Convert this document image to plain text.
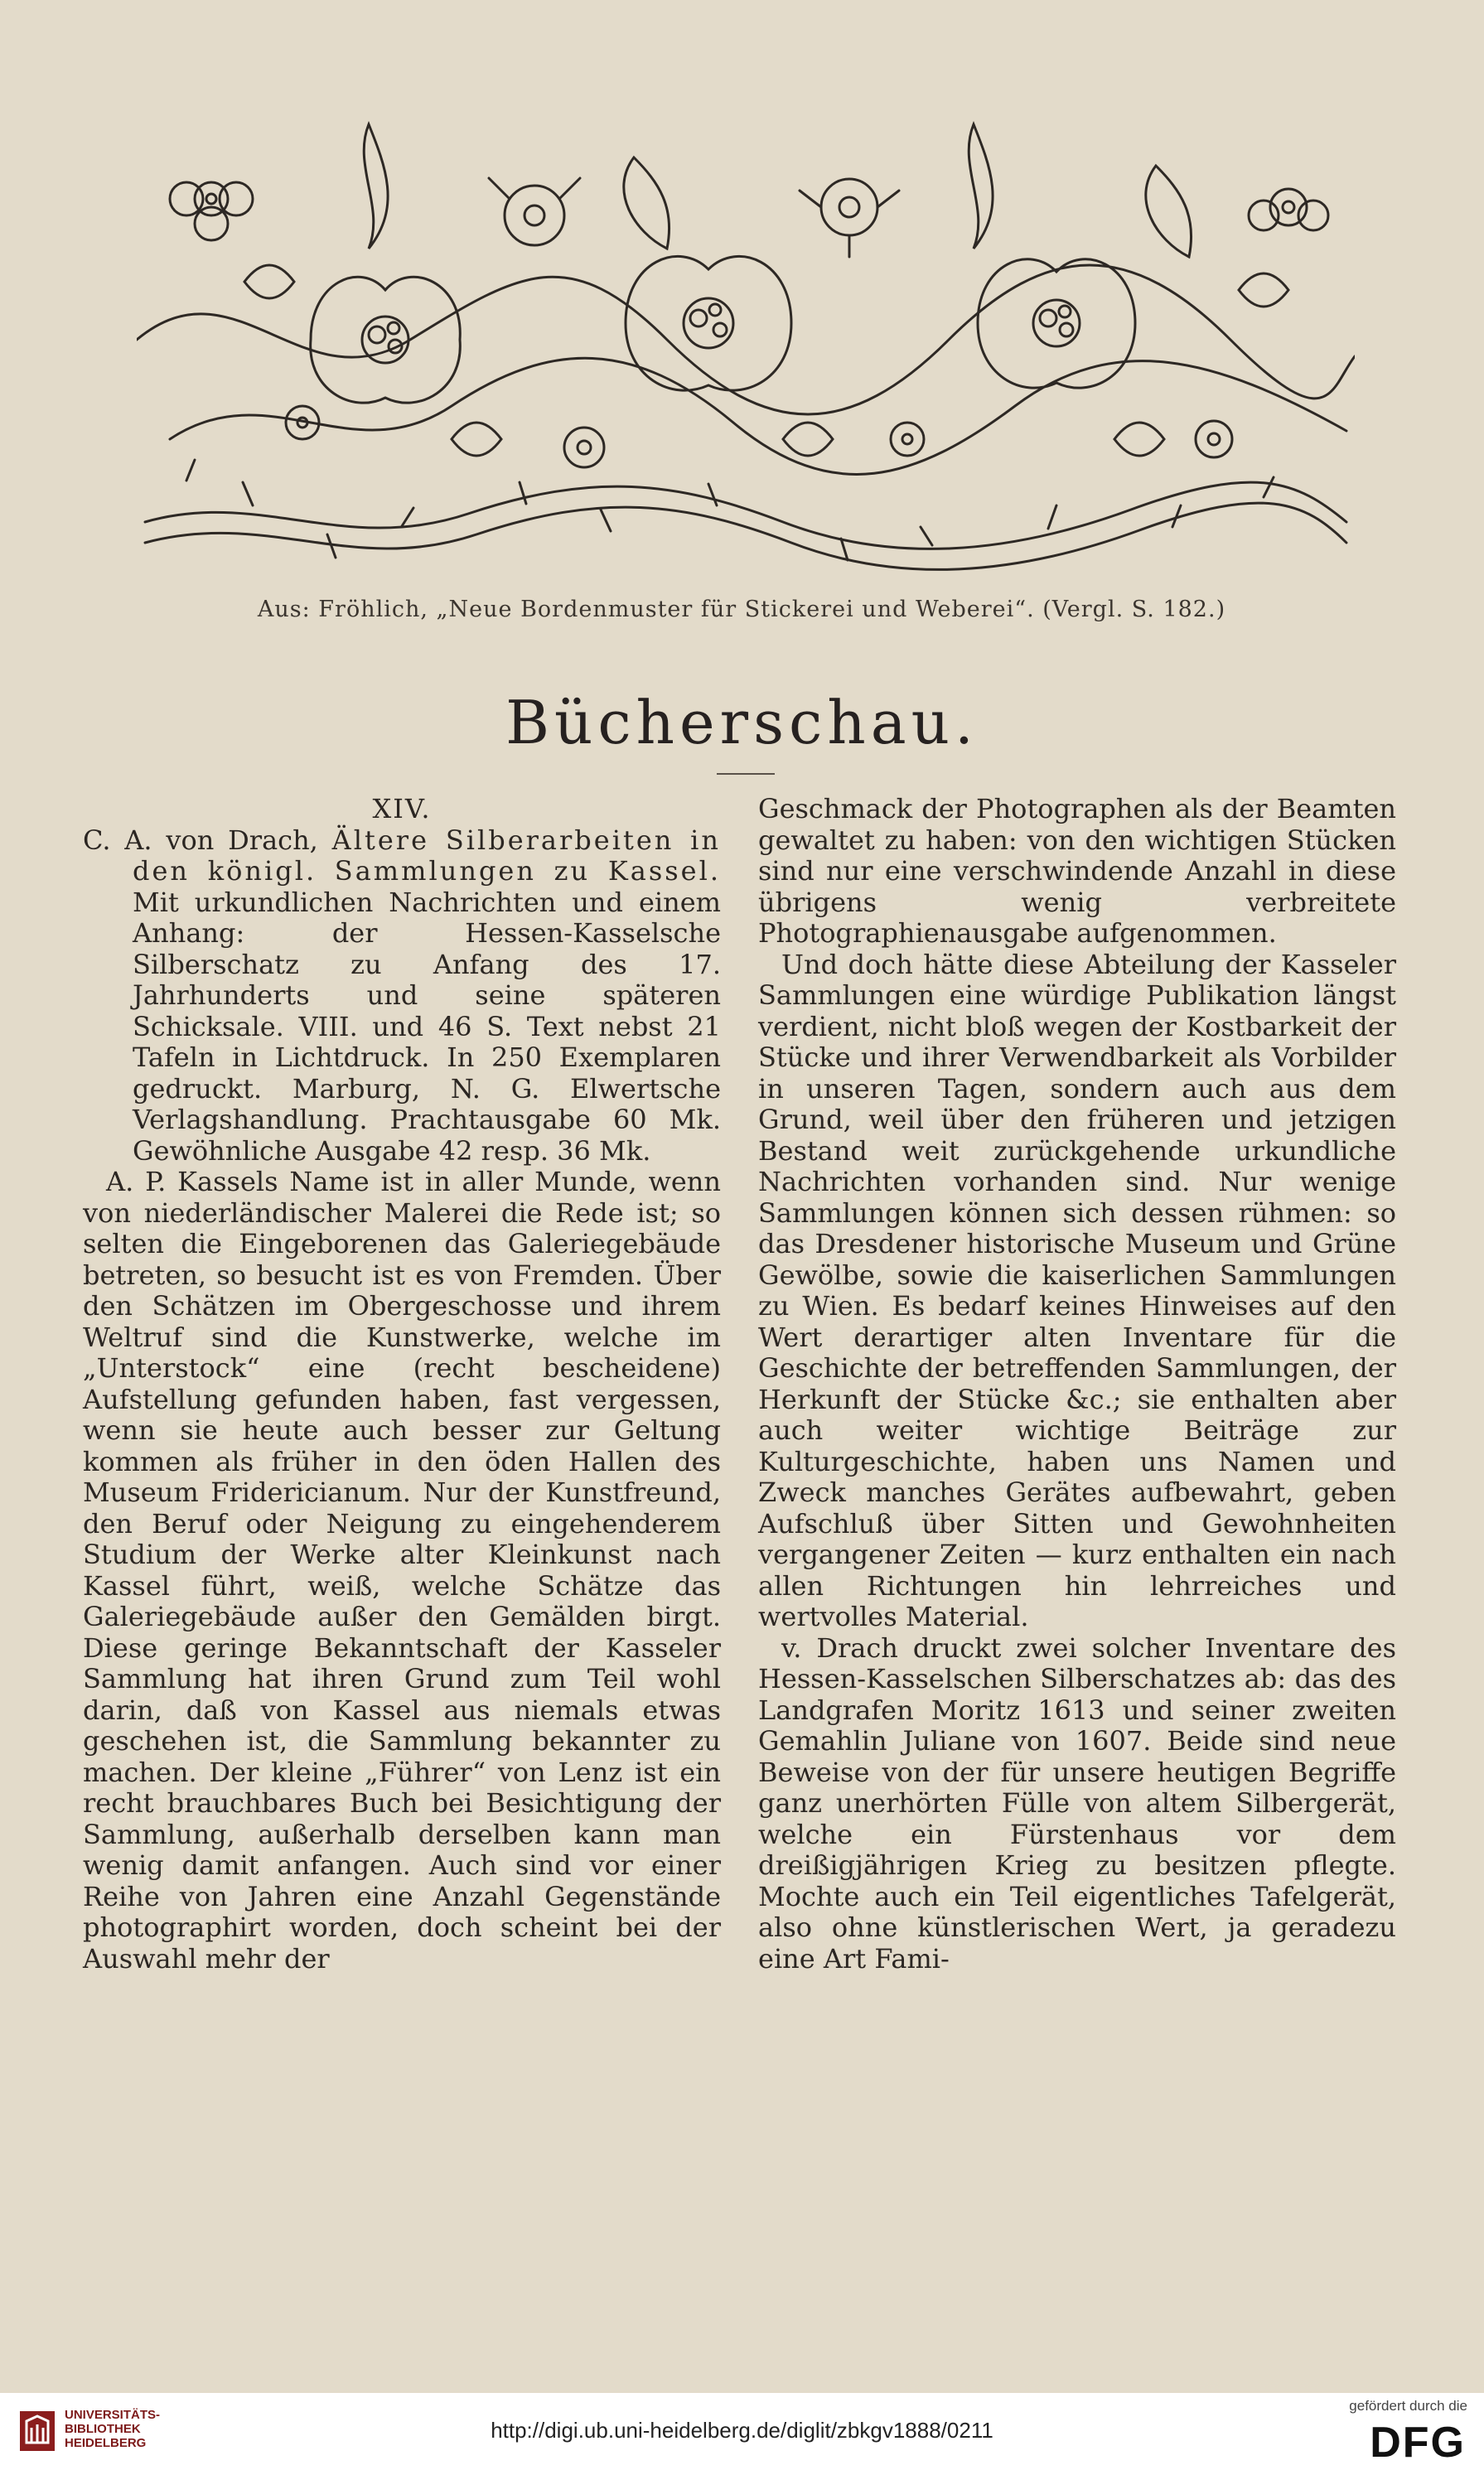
Aus: Fröhlich, „Neue Bordenmuster für Stickerei und Weberei“. (Vergl. S. 182.)
Bücherschau.

XIV.

C. A. von Drach, Ältere Silberarbeiten in den königl. Sammlungen zu Kassel. Mit urkundlichen Nachrichten und einem Anhang: der Hessen-Kasselsche Silberschatz zu Anfang des 17. Jahrhunderts und seine späteren Schicksale. VIII. und 46 S. Text nebst 21 Tafeln in Lichtdruck. In 250 Exemplaren gedruckt. Marburg, N. G. Elwertsche Verlagshandlung. Prachtausgabe 60 Mk. Gewöhnliche Ausgabe 42 resp. 36 Mk.

A. P. Kassels Name ist in aller Munde, wenn von niederländischer Malerei die Rede ist; so selten die Eingeborenen das Galeriegebäude betreten, so besucht ist es von Fremden. Über den Schätzen im Obergeschosse und ihrem Weltruf sind die Kunstwerke, welche im „Unterstock“ eine (recht bescheidene) Aufstellung gefunden haben, fast vergessen, wenn sie heute auch besser zur Geltung kommen als früher in den öden Hallen des Museum Fridericianum. Nur der Kunstfreund, den Beruf oder Neigung zu eingehenderem Studium der Werke alter Kleinkunst nach Kassel führt, weiß, welche Schätze das Galeriegebäude außer den Gemälden birgt. Diese geringe Bekanntschaft der Kasseler Sammlung hat ihren Grund zum Teil wohl darin, daß von Kassel aus niemals etwas geschehen ist, die Sammlung bekannter zu machen. Der kleine „Führer“ von Lenz ist ein recht brauchbares Buch bei Besichtigung der Sammlung, außerhalb derselben kann man wenig damit anfangen. Auch sind vor einer Reihe von Jahren eine Anzahl Gegenstände photographirt worden, doch scheint bei der Auswahl mehr der

Geschmack der Photographen als der Beamten gewaltet zu haben: von den wichtigen Stücken sind nur eine verschwindende Anzahl in diese übrigens wenig verbreitete Photographienausgabe aufgenommen.

Und doch hätte diese Abteilung der Kasseler Sammlungen eine würdige Publikation längst verdient, nicht bloß wegen der Kostbarkeit der Stücke und ihrer Verwendbarkeit als Vorbilder in unseren Tagen, sondern auch aus dem Grund, weil über den früheren und jetzigen Bestand weit zurückgehende urkundliche Nachrichten vorhanden sind. Nur wenige Sammlungen können sich dessen rühmen: so das Dresdener historische Museum und Grüne Gewölbe, sowie die kaiserlichen Sammlungen zu Wien. Es bedarf keines Hinweises auf den Wert derartiger alten Inventare für die Geschichte der betreffenden Sammlungen, der Herkunft der Stücke &c.; sie enthalten aber auch weiter wichtige Beiträge zur Kulturgeschichte, haben uns Namen und Zweck manches Gerätes aufbewahrt, geben Aufschluß über Sitten und Gewohnheiten vergangener Zeiten — kurz enthalten ein nach allen Richtungen hin lehrreiches und wertvolles Material.

v. Drach druckt zwei solcher Inventare des Hessen-Kasselschen Silberschatzes ab: das des Landgrafen Moritz 1613 und seiner zweiten Gemahlin Juliane von 1607. Beide sind neue Beweise von der für unsere heutigen Begriffe ganz unerhörten Fülle von altem Silbergerät, welche ein Fürstenhaus vor dem dreißigjährigen Krieg zu besitzen pflegte. Mochte auch ein Teil eigentliches Tafelgerät, also ohne künstlerischen Wert, ja geradezu eine Art Fami-

UNIVERSITÄTS-
BIBLIOTHEK
HEIDELBERG
http://digi.ub.uni-heidelberg.de/diglit/zbkgv1888/0211
gefördert durch die
DFG
